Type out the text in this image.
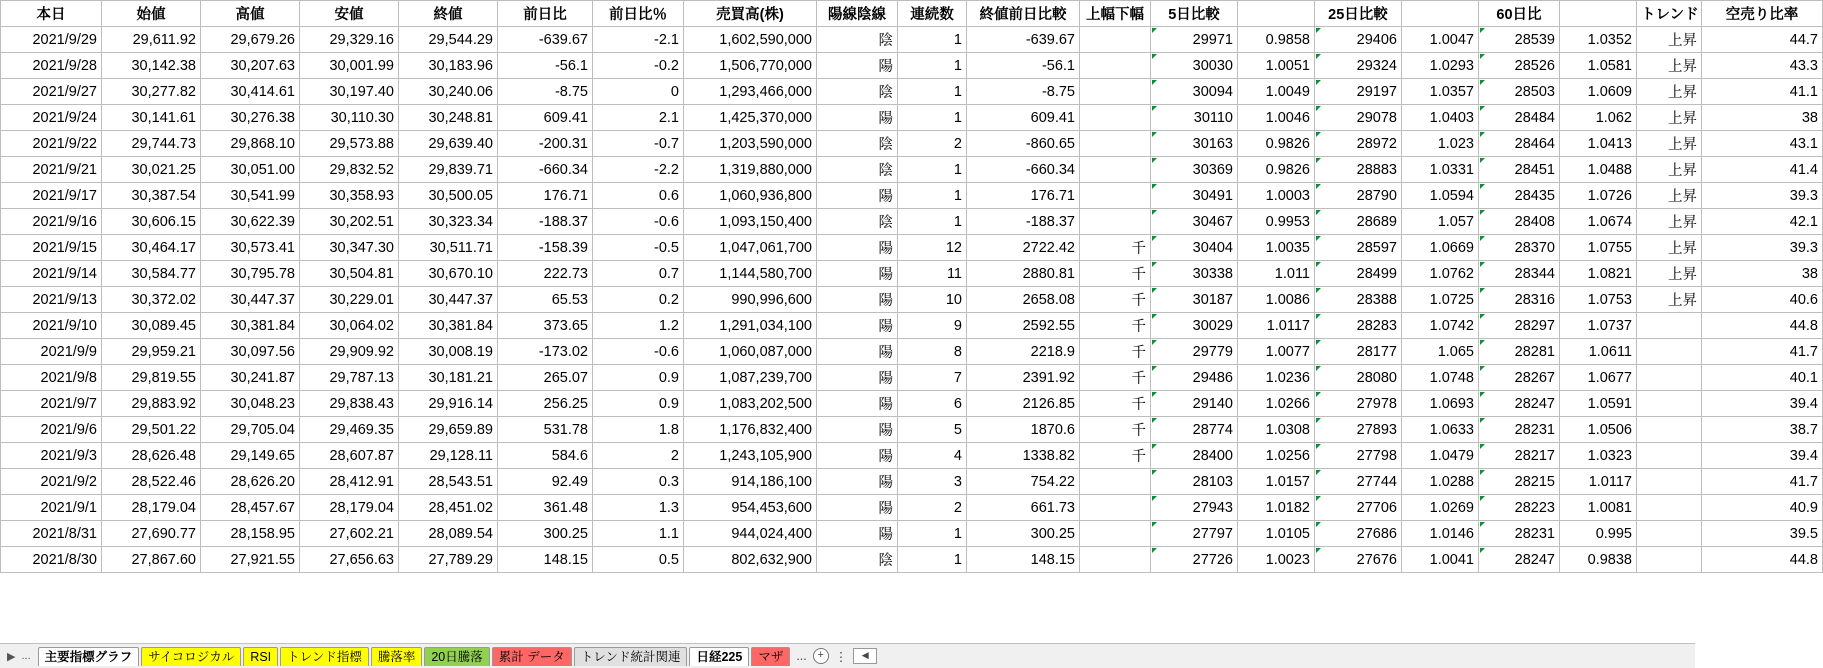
本日	始値	高値	安値	終値	前日比	前日比％	売買高(株)	陽線陰線	連続数	終値前日比較	上幅下幅	5日比較		25日比較		60日比		トレンド	空売り比率
2021/9/29	29,611.92	29,679.26	29,329.16	29,544.29	-639.67	-2.1	1,602,590,000	陰	1	-639.67		29971	0.9858	29406	1.0047	28539	1.0352	上昇	44.7
2021/9/28	30,142.38	30,207.63	30,001.99	30,183.96	-56.1	-0.2	1,506,770,000	陽	1	-56.1		30030	1.0051	29324	1.0293	28526	1.0581	上昇	43.3
2021/9/27	30,277.82	30,414.61	30,197.40	30,240.06	-8.75	0	1,293,466,000	陰	1	-8.75		30094	1.0049	29197	1.0357	28503	1.0609	上昇	41.1
2021/9/24	30,141.61	30,276.38	30,110.30	30,248.81	609.41	2.1	1,425,370,000	陽	1	609.41		30110	1.0046	29078	1.0403	28484	1.062	上昇	38
2021/9/22	29,744.73	29,868.10	29,573.88	29,639.40	-200.31	-0.7	1,203,590,000	陰	2	-860.65		30163	0.9826	28972	1.023	28464	1.0413	上昇	43.1
2021/9/21	30,021.25	30,051.00	29,832.52	29,839.71	-660.34	-2.2	1,319,880,000	陰	1	-660.34		30369	0.9826	28883	1.0331	28451	1.0488	上昇	41.4
2021/9/17	30,387.54	30,541.99	30,358.93	30,500.05	176.71	0.6	1,060,936,800	陽	1	176.71		30491	1.0003	28790	1.0594	28435	1.0726	上昇	39.3
2021/9/16	30,606.15	30,622.39	30,202.51	30,323.34	-188.37	-0.6	1,093,150,400	陰	1	-188.37		30467	0.9953	28689	1.057	28408	1.0674	上昇	42.1
2021/9/15	30,464.17	30,573.41	30,347.30	30,511.71	-158.39	-0.5	1,047,061,700	陽	12	2722.42	千	30404	1.0035	28597	1.0669	28370	1.0755	上昇	39.3
2021/9/14	30,584.77	30,795.78	30,504.81	30,670.10	222.73	0.7	1,144,580,700	陽	11	2880.81	千	30338	1.011	28499	1.0762	28344	1.0821	上昇	38
2021/9/13	30,372.02	30,447.37	30,229.01	30,447.37	65.53	0.2	990,996,600	陽	10	2658.08	千	30187	1.0086	28388	1.0725	28316	1.0753	上昇	40.6
2021/9/10	30,089.45	30,381.84	30,064.02	30,381.84	373.65	1.2	1,291,034,100	陽	9	2592.55	千	30029	1.0117	28283	1.0742	28297	1.0737		44.8
2021/9/9	29,959.21	30,097.56	29,909.92	30,008.19	-173.02	-0.6	1,060,087,000	陽	8	2218.9	千	29779	1.0077	28177	1.065	28281	1.0611		41.7
2021/9/8	29,819.55	30,241.87	29,787.13	30,181.21	265.07	0.9	1,087,239,700	陽	7	2391.92	千	29486	1.0236	28080	1.0748	28267	1.0677		40.1
2021/9/7	29,883.92	30,048.23	29,838.43	29,916.14	256.25	0.9	1,083,202,500	陽	6	2126.85	千	29140	1.0266	27978	1.0693	28247	1.0591		39.4
2021/9/6	29,501.22	29,705.04	29,469.35	29,659.89	531.78	1.8	1,176,832,400	陽	5	1870.6	千	28774	1.0308	27893	1.0633	28231	1.0506		38.7
2021/9/3	28,626.48	29,149.65	28,607.87	29,128.11	584.6	2	1,243,105,900	陽	4	1338.82	千	28400	1.0256	27798	1.0479	28217	1.0323		39.4
2021/9/2	28,522.46	28,626.20	28,412.91	28,543.51	92.49	0.3	914,186,100	陽	3	754.22		28103	1.0157	27744	1.0288	28215	1.0117		41.7
2021/9/1	28,179.04	28,457.67	28,179.04	28,451.02	361.48	1.3	954,453,600	陽	2	661.73		27943	1.0182	27706	1.0269	28223	1.0081		40.9
2021/8/31	27,690.77	28,158.95	27,602.21	28,089.54	300.25	1.1	944,024,400	陽	1	300.25		27797	1.0105	27686	1.0146	28231	0.995		39.5
2021/8/30	27,867.60	27,921.55	27,656.63	27,789.29	148.15	0.5	802,632,900	陰	1	148.15		27726	1.0023	27676	1.0041	28247	0.9838		44.8
▶ ...	主要指標グラフ	サイコロジカル	RSI	トレンド指標	騰落率	20日騰落	累計 データ	トレンド統計関連	日経225	マザ	... + ⋮	◀
